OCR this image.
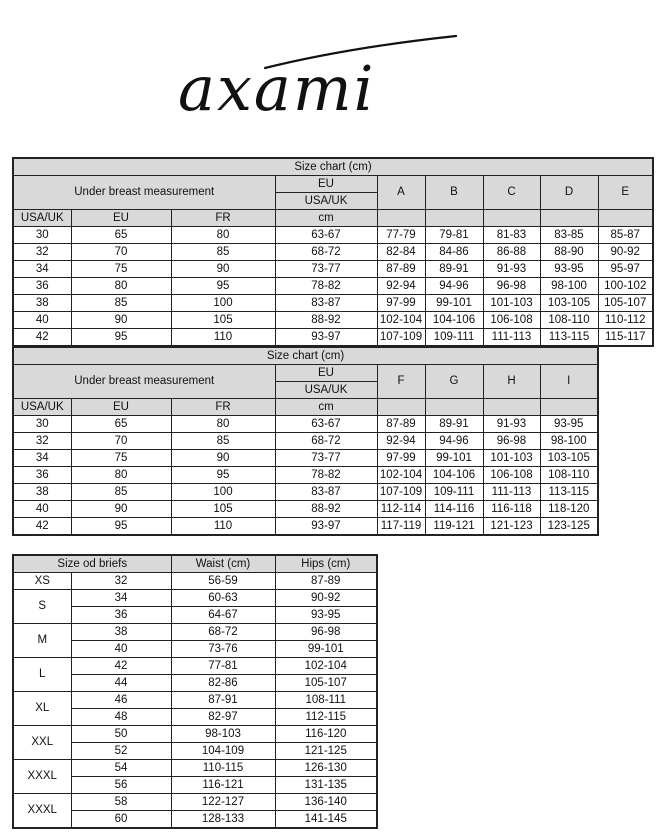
axami
Size chart (cm)								
Under breast measurement			EU	A	B	C	D	E
			USA/UK					
USA/UK	EU	FR	cm					
30	65	80	63-67	77-79	79-81	81-83	83-85	85-87
32	70	85	68-72	82-84	84-86	86-88	88-90	90-92
34	75	90	73-77	87-89	89-91	91-93	93-95	95-97
36	80	95	78-82	92-94	94-96	96-98	98-100	100-102
38	85	100	83-87	97-99	99-101	101-103	103-105	105-107
40	90	105	88-92	102-104	104-106	106-108	108-110	110-112
42	95	110	93-97	107-109	109-111	111-113	113-115	115-117
Size chart (cm)							
Under breast measurement			EU	F	G	H	I
			USA/UK				
USA/UK	EU	FR	cm				
30	65	80	63-67	87-89	89-91	91-93	93-95
32	70	85	68-72	92-94	94-96	96-98	98-100
34	75	90	73-77	97-99	99-101	101-103	103-105
36	80	95	78-82	102-104	104-106	106-108	108-110
38	85	100	83-87	107-109	109-111	111-113	113-115
40	90	105	88-92	112-114	114-116	116-118	118-120
42	95	110	93-97	117-119	119-121	121-123	123-125
Size od briefs		Waist (cm)	Hips (cm)
XS	32	56-59	87-89
S	34	60-63	90-92
	36	64-67	93-95
M	38	68-72	96-98
	40	73-76	99-101
L	42	77-81	102-104
	44	82-86	105-107
XL	46	87-91	108-111
	48	82-97	112-115
XXL	50	98-103	116-120
	52	104-109	121-125
XXXL	54	110-115	126-130
	56	116-121	131-135
XXXL	58	122-127	136-140
	60	128-133	141-145
